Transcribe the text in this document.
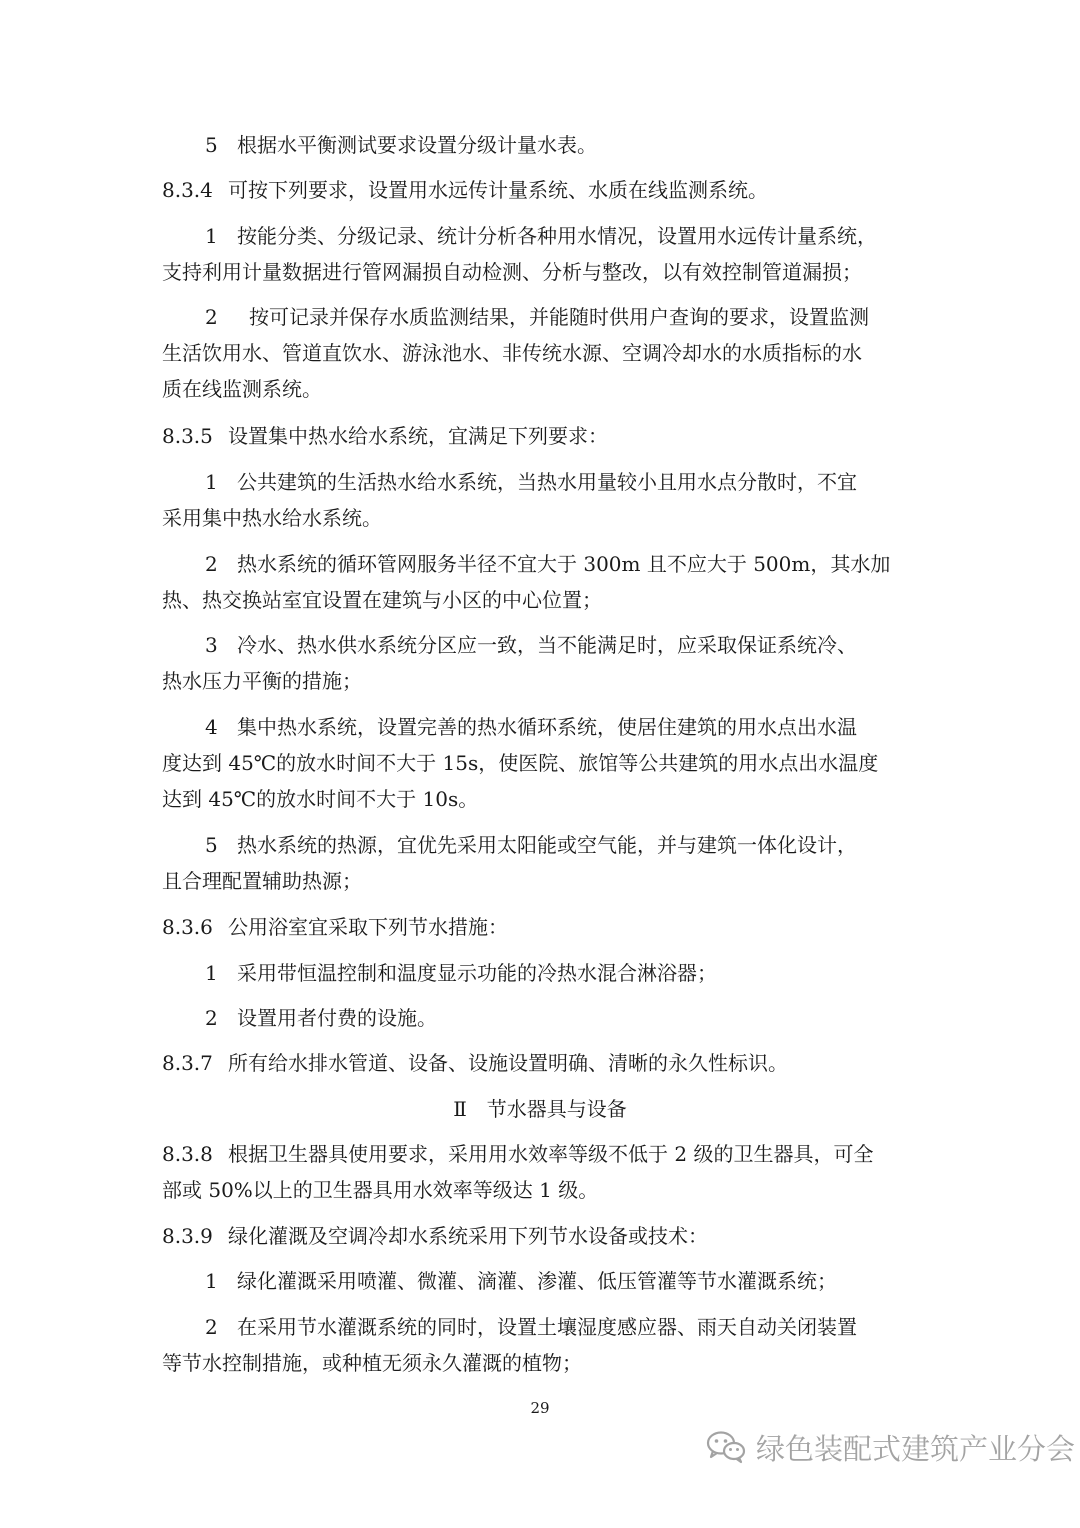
5 根据水平衡测试要求设置分级计量水表。
8.3.4 可按下列要求，设置用水远传计量系统、水质在线监测系统。
1 按能分类、分级记录、统计分析各种用水情况，设置用水远传计量系统，
支持利用计量数据进行管网漏损自动检测、分析与整改，以有效控制管道漏损；
2 按可记录并保存水质监测结果，并能随时供用户查询的要求，设置监测
生活饮用水、管道直饮水、游泳池水、非传统水源、空调冷却水的水质指标的水
质在线监测系统。
8.3.5 设置集中热水给水系统，宜满足下列要求：
1 公共建筑的生活热水给水系统，当热水用量较小且用水点分散时，不宜
采用集中热水给水系统。
2 热水系统的循环管网服务半径不宜大于 300m 且不应大于 500m，其水加
热、热交换站室宜设置在建筑与小区的中心位置；
3 冷水、热水供水系统分区应一致，当不能满足时，应采取保证系统冷、
热水压力平衡的措施；
4 集中热水系统，设置完善的热水循环系统，使居住建筑的用水点出水温
度达到 45℃的放水时间不大于 15s，使医院、旅馆等公共建筑的用水点出水温度
达到 45℃的放水时间不大于 10s。
5 热水系统的热源，宜优先采用太阳能或空气能，并与建筑一体化设计，
且合理配置辅助热源；
8.3.6 公用浴室宜采取下列节水措施：
1 采用带恒温控制和温度显示功能的冷热水混合淋浴器；
2 设置用者付费的设施。
8.3.7 所有给水排水管道、设备、设施设置明确、清晰的永久性标识。
Ⅱ　节水器具与设备
8.3.8 根据卫生器具使用要求，采用用水效率等级不低于 2 级的卫生器具，可全
部或 50%以上的卫生器具用水效率等级达 1 级。
8.3.9 绿化灌溉及空调冷却水系统采用下列节水设备或技术：
1 绿化灌溉采用喷灌、微灌、滴灌、渗灌、低压管灌等节水灌溉系统；
2 在采用节水灌溉系统的同时，设置土壤湿度感应器、雨天自动关闭装置
等节水控制措施，或种植无须永久灌溉的植物；
29
绿色装配式建筑产业分会
